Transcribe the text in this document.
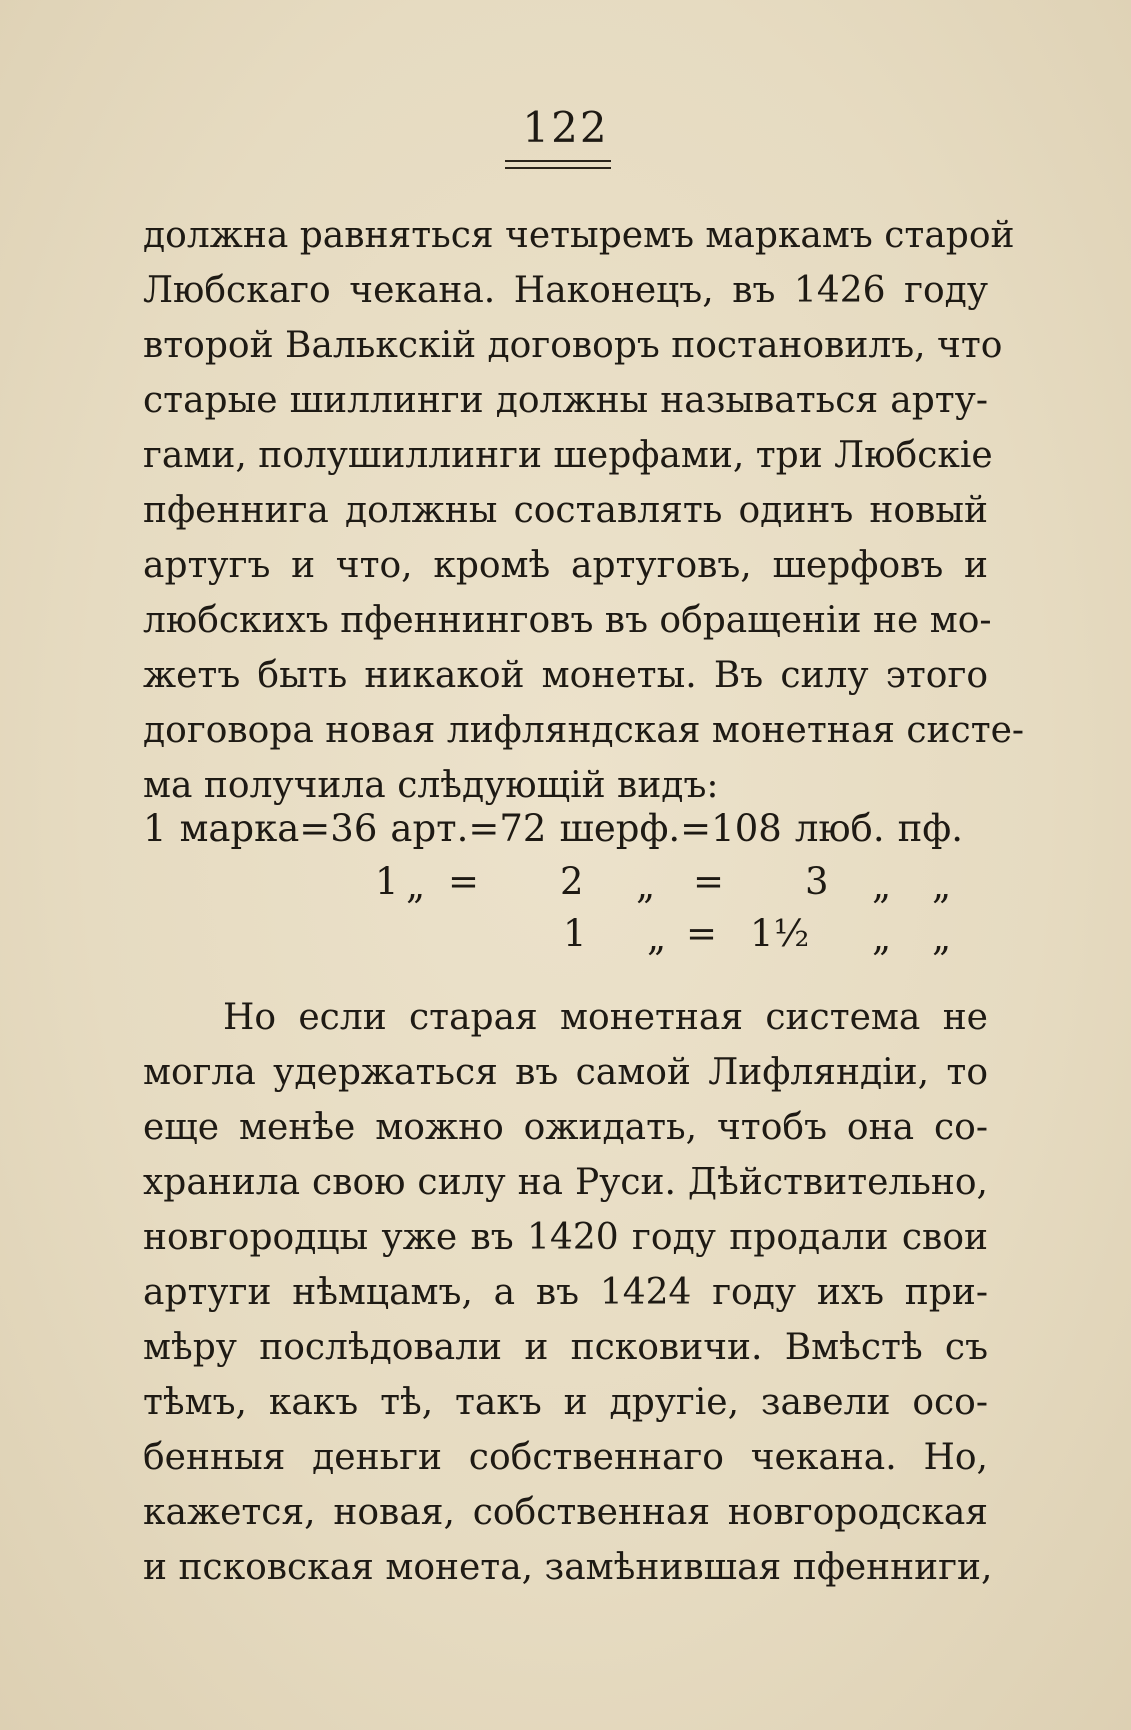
122
должна равняться четыремъ маркамъ старой
Любскаго чекана. Наконецъ, въ 1426 году
второй Валькскій договоръ постановилъ, что
старые шиллинги должны называться арту-
гами, полушиллинги шерфами, три Любскіе
пфеннига должны составлять одинъ новый
артугъ и что, кромѣ артуговъ, шерфовъ и
любскихъ пфеннинговъ въ обращеніи не мо-
жетъ быть никакой монеты. Въ силу этого
договора новая лифляндская монетная систе-
ма получила слѣдующій видъ:
1 марка=36 арт.=72 шерф.=108 люб. пф.
1 „ = 2 „ = 3 „ „
1 „ = 1½ „ „
Но если старая монетная система не
могла удержаться въ самой Лифляндіи, то
еще менѣе можно ожидать, чтобъ она со-
хранила свою силу на Руси. Дѣйствительно,
новгородцы уже въ 1420 году продали свои
артуги нѣмцамъ, а въ 1424 году ихъ при-
мѣру послѣдовали и псковичи. Вмѣстѣ съ
тѣмъ, какъ тѣ, такъ и другіе, завели осо-
бенныя деньги собственнаго чекана. Но,
кажется, новая, собственная новгородская
и псковская монета, замѣнившая пфенниги,
